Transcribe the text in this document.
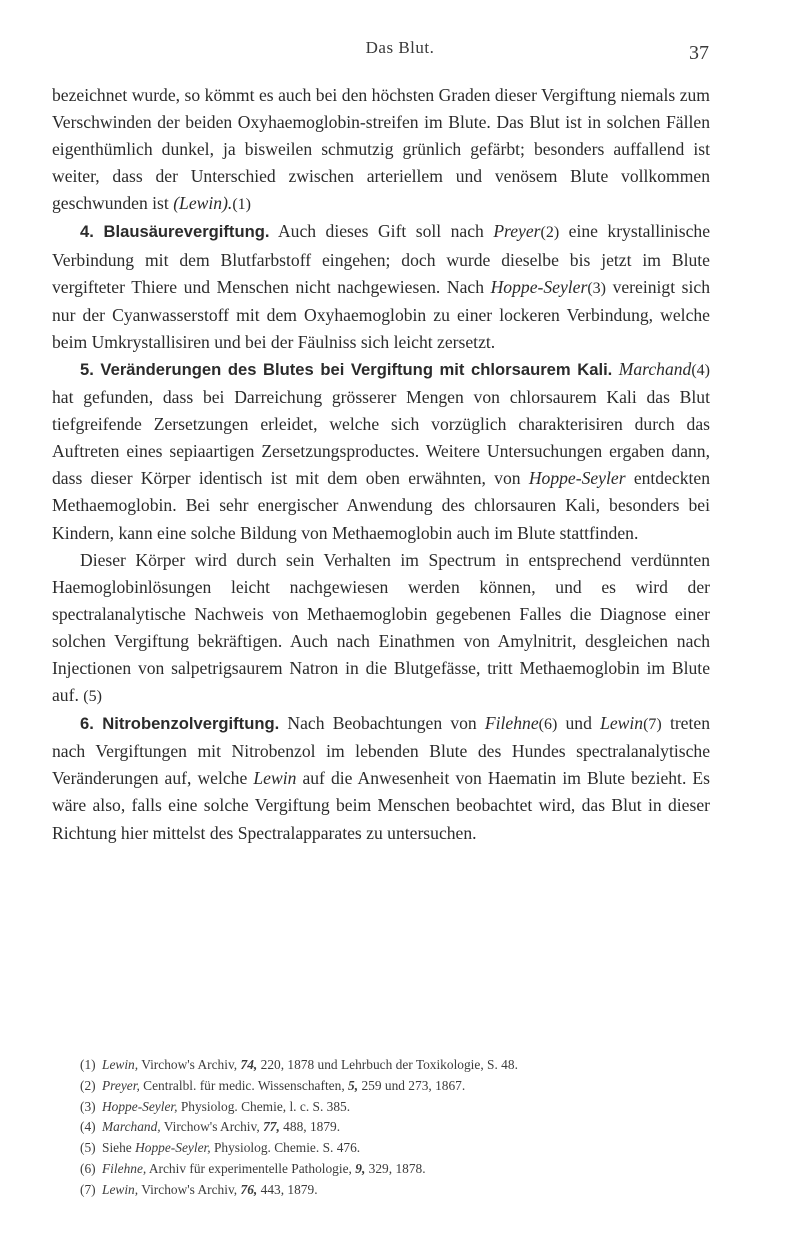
Das Blut.	37

bezeichnet wurde, so kömmt es auch bei den höchsten Graden dieser Vergiftung niemals zum Verschwinden der beiden Oxyhaemoglobin-streifen im Blute. Das Blut ist in solchen Fällen eigenthümlich dunkel, ja bisweilen schmutzig grünlich gefärbt; besonders auffallend ist weiter, dass der Unterschied zwischen arteriellem und venösem Blute vollkommen geschwunden ist (Lewin).(1)

4. Blausäurevergiftung. Auch dieses Gift soll nach Preyer(2) eine krystallinische Verbindung mit dem Blutfarbstoff eingehen; doch wurde dieselbe bis jetzt im Blute vergifteter Thiere und Menschen nicht nachgewiesen. Nach Hoppe-Seyler(3) vereinigt sich nur der Cyanwasserstoff mit dem Oxyhaemoglobin zu einer lockeren Verbindung, welche beim Umkrystallisiren und bei der Fäulniss sich leicht zersetzt.

5. Veränderungen des Blutes bei Vergiftung mit chlorsaurem Kali. Marchand(4) hat gefunden, dass bei Darreichung grösserer Mengen von chlorsaurem Kali das Blut tiefgreifende Zersetzungen erleidet, welche sich vorzüglich charakterisiren durch das Auftreten eines sepiaartigen Zersetzungsproductes. Weitere Untersuchungen ergaben dann, dass dieser Körper identisch ist mit dem oben erwähnten, von Hoppe-Seyler entdeckten Methaemoglobin. Bei sehr energischer Anwendung des chlorsauren Kali, besonders bei Kindern, kann eine solche Bildung von Methaemoglobin auch im Blute stattfinden.

Dieser Körper wird durch sein Verhalten im Spectrum in entsprechend verdünnten Haemoglobinlösungen leicht nachgewiesen werden können, und es wird der spectralanalytische Nachweis von Methaemoglobin gegebenen Falles die Diagnose einer solchen Vergiftung bekräftigen. Auch nach Einathmen von Amylnitrit, desgleichen nach Injectionen von salpetrigsaurem Natron in die Blutgefässe, tritt Methaemoglobin im Blute auf. (5)

6. Nitrobenzolvergiftung. Nach Beobachtungen von Filehne(6) und Lewin(7) treten nach Vergiftungen mit Nitrobenzol im lebenden Blute des Hundes spectralanalytische Veränderungen auf, welche Lewin auf die Anwesenheit von Haematin im Blute bezieht. Es wäre also, falls eine solche Vergiftung beim Menschen beobachtet wird, das Blut in dieser Richtung hier mittelst des Spectralapparates zu untersuchen.

(1) Lewin, Virchow's Archiv, 74, 220, 1878 und Lehrbuch der Toxikologie, S. 48.

(2) Preyer, Centralbl. für medic. Wissenschaften, 5, 259 und 273, 1867.

(3) Hoppe-Seyler, Physiolog. Chemie, l. c. S. 385.

(4) Marchand, Virchow's Archiv, 77, 488, 1879.

(5) Siehe Hoppe-Seyler, Physiolog. Chemie. S. 476.

(6) Filehne, Archiv für experimentelle Pathologie, 9, 329, 1878.

(7) Lewin, Virchow's Archiv, 76, 443, 1879.
